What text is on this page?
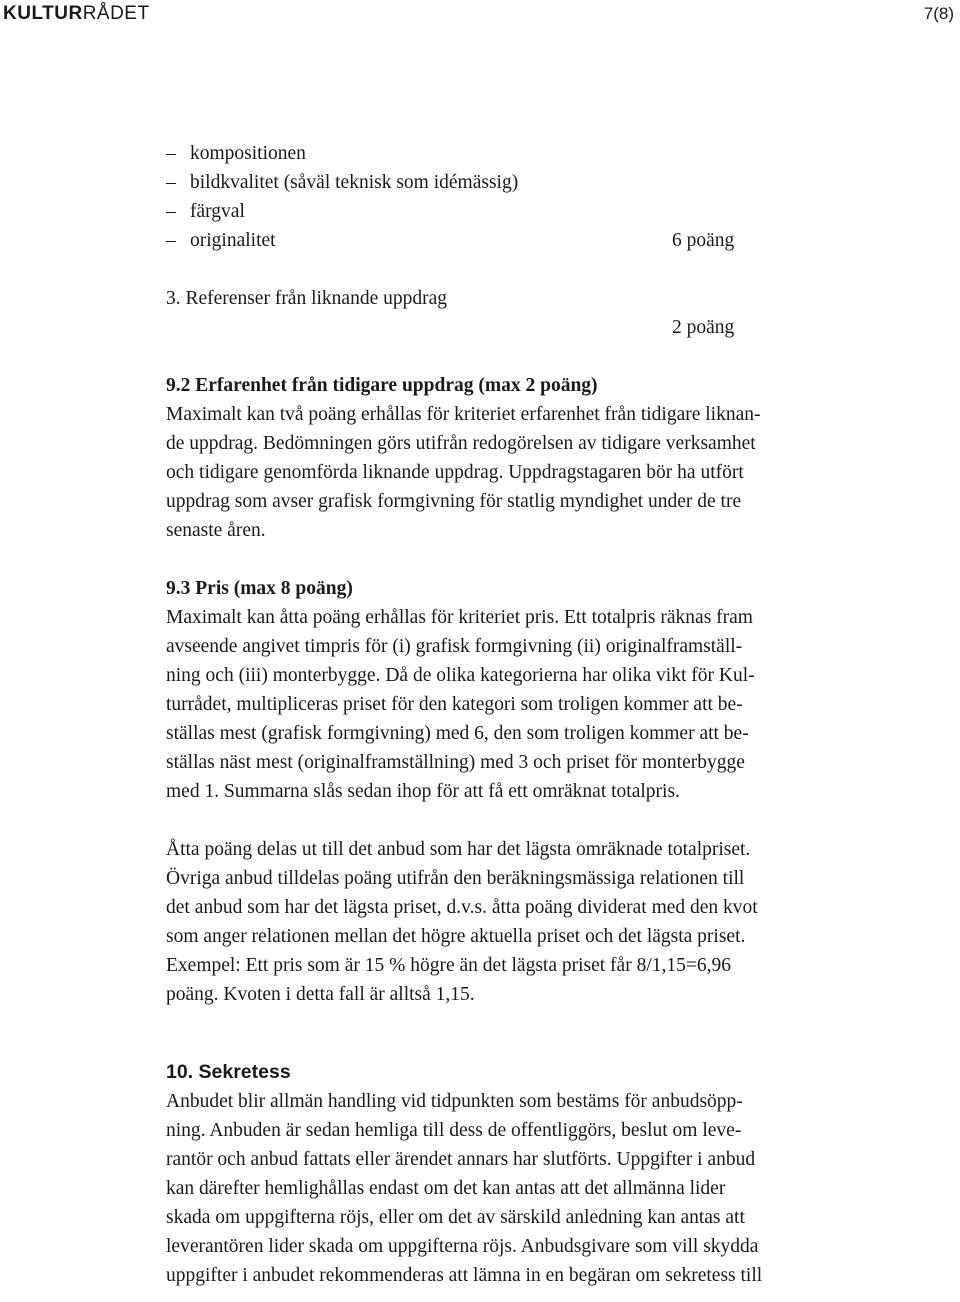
KULTURRÅDET	7(8)
– kompositionen
– bildkvalitet (såväl teknisk som idémässig)
– färgval
– originalitet	6 poäng
3. Referenser från liknande uppdrag
2 poäng
9.2 Erfarenhet från tidigare uppdrag (max 2 poäng)
Maximalt kan två poäng erhållas för kriteriet erfarenhet från tidigare liknan-
de uppdrag. Bedömningen görs utifrån redogörelsen av tidigare verksamhet
och tidigare genomförda liknande uppdrag. Uppdragstagaren bör ha utfört
uppdrag som avser grafisk formgivning för statlig myndighet under de tre
senaste åren.
9.3 Pris (max 8 poäng)
Maximalt kan åtta poäng erhållas för kriteriet pris. Ett totalpris räknas fram
avseende angivet timpris för (i) grafisk formgivning (ii) originalframställ-
ning och (iii) monterbygge. Då de olika kategorierna har olika vikt för Kul-
turrådet, multipliceras priset för den kategori som troligen kommer att be-
ställas mest (grafisk formgivning) med 6, den som troligen kommer att be-
ställas näst mest (originalframställning) med 3 och priset för monterbygge
med 1. Summarna slås sedan ihop för att få ett omräknat totalpris.
Åtta poäng delas ut till det anbud som har det lägsta omräknade totalpriset.
Övriga anbud tilldelas poäng utifrån den beräkningsmässiga relationen till
det anbud som har det lägsta priset, d.v.s. åtta poäng dividerat med den kvot
som anger relationen mellan det högre aktuella priset och det lägsta priset.
Exempel: Ett pris som är 15 % högre än det lägsta priset får 8/1,15=6,96
poäng. Kvoten i detta fall är alltså 1,15.
10. Sekretess
Anbudet blir allmän handling vid tidpunkten som bestäms för anbudsöpp-
ning. Anbuden är sedan hemliga till dess de offentliggörs, beslut om leve-
rantör och anbud fattats eller ärendet annars har slutförts. Uppgifter i anbud
kan därefter hemlighållas endast om det kan antas att det allmänna lider
skada om uppgifterna röjs, eller om det av särskild anledning kan antas att
leverantören lider skada om uppgifterna röjs. Anbudsgivare som vill skydda
uppgifter i anbudet rekommenderas att lämna in en begäran om sekretess till
